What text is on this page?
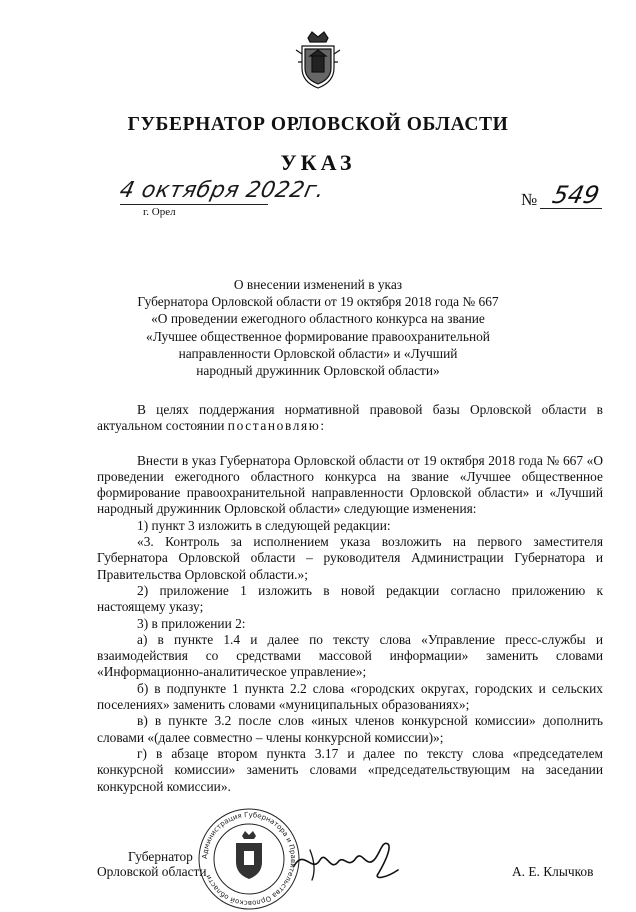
ГУБЕРНАТОР ОРЛОВСКОЙ ОБЛАСТИ
УКАЗ
4 октября 2022г.
г. Орел
№ 549
О внесении изменений в указ
Губернатора Орловской области от 19 октября 2018 года № 667
«О проведении ежегодного областного конкурса на звание
«Лучшее общественное формирование правоохранительной
направленности Орловской области» и «Лучший
народный дружинник Орловской области»

В целях поддержания нормативной правовой базы Орловской области в актуальном состоянии постановляю:

Внести в указ Губернатора Орловской области от 19 октября 2018 года № 667 «О проведении ежегодного областного конкурса на звание «Лучшее общественное формирование правоохранительной направленности Орловской области» и «Лучший народный дружинник Орловской области» следующие изменения:

1) пункт 3 изложить в следующей редакции:

«3. Контроль за исполнением указа возложить на первого заместителя Губернатора Орловской области – руководителя Администрации Губернатора и Правительства Орловской области.»;

2) приложение 1 изложить в новой редакции согласно приложению к настоящему указу;

3) в приложении 2:

а) в пункте 1.4 и далее по тексту слова «Управление пресс-службы и взаимодействия со средствами массовой информации» заменить словами «Информационно-аналитическое управление»;

б) в подпункте 1 пункта 2.2 слова «городских округах, городских и сельских поселениях» заменить словами «муниципальных образованиях»;

в) в пункте 3.2 после слов «иных членов конкурсной комиссии» дополнить словами «(далее совместно – члены конкурсной комиссии)»;

г) в абзаце втором пункта 3.17 и далее по тексту слова «председателем конкурсной комиссии» заменить словами «председательствующим на заседании конкурсной комиссии».

Администрация Губернатора и Правительства Орловской области
Губернатор
Орловской области	А. Е. Клычков
